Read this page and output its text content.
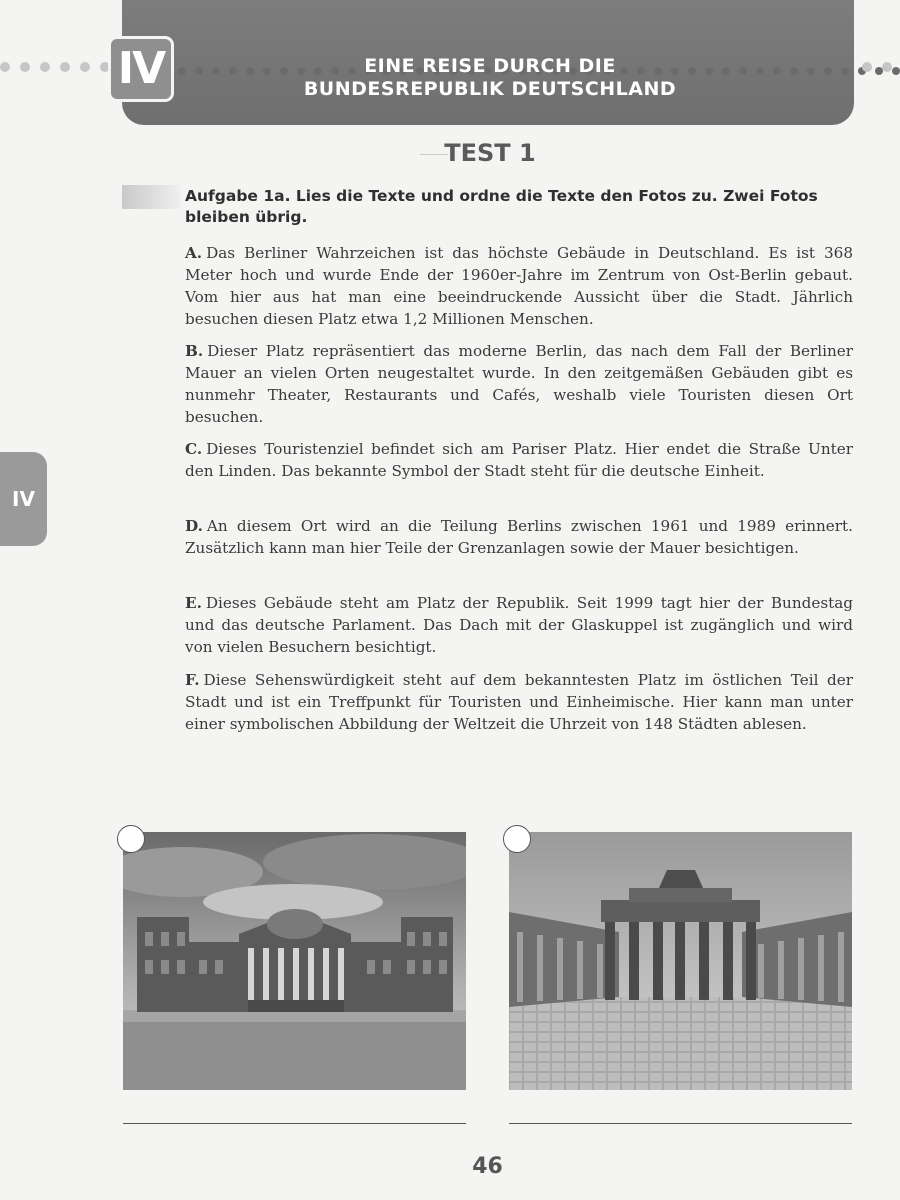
IV	EINE REISE DURCH DIE
BUNDESREPUBLIK DEUTSCHLAND
TEST 1
Aufgabe 1a. Lies die Texte und ordne die Texte den Fotos zu. Zwei Fotos bleiben übrig.
A. Das Berliner Wahrzeichen ist das höchste Gebäude in Deutschland. Es ist 368 Meter hoch und wurde Ende der 1960er-Jahre im Zentrum von Ost-Berlin gebaut. Vom hier aus hat man eine beeindruckende Aussicht über die Stadt. Jährlich besuchen diesen Platz etwa 1,2 Millionen Menschen.
B. Dieser Platz repräsentiert das moderne Berlin, das nach dem Fall der Berliner Mauer an vielen Orten neugestaltet wurde. In den zeitgemäßen Gebäuden gibt es nunmehr Theater, Restaurants und Cafés, weshalb viele Touristen diesen Ort besuchen.
C. Dieses Touristenziel befindet sich am Pariser Platz. Hier endet die Straße Unter den Linden. Das bekannte Symbol der Stadt steht für die deutsche Einheit.
D. An diesem Ort wird an die Teilung Berlins zwischen 1961 und 1989 erinnert. Zusätzlich kann man hier Teile der Grenzanlagen sowie der Mauer besichtigen.
E. Dieses Gebäude steht am Platz der Republik. Seit 1999 tagt hier der Bundestag und das deutsche Parlament. Das Dach mit der Glaskuppel ist zugänglich und wird von vielen Besuchern besichtigt.
F. Diese Sehenswürdigkeit steht auf dem bekanntesten Platz im östlichen Teil der Stadt und ist ein Treffpunkt für Touristen und Einheimische. Hier kann man unter einer symbolischen Abbildung der Weltzeit die Uhrzeit von 148 Städten ablesen.
IV
46
